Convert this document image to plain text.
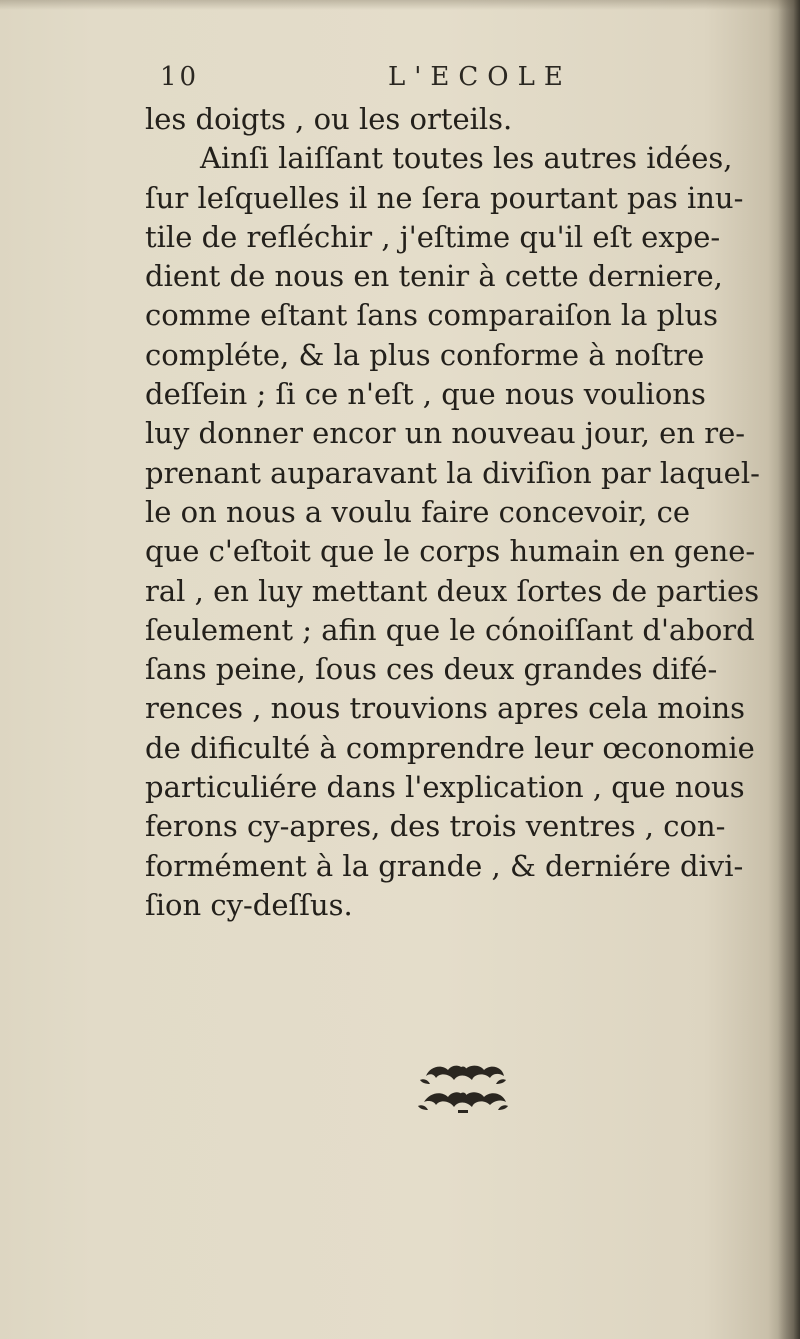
10	L'ECOLE
les doigts , ou les orteils.
Ainſi laiſſant toutes les autres idées,
ſur leſquelles il ne ſera pourtant pas inu-
tile de refléchir , j'eſtime qu'il eſt expe-
dient de nous en tenir à cette derniere,
comme eſtant ſans comparaiſon la plus
compléte, & la plus conforme à noſtre
deſſein ; ſi ce n'eſt , que nous voulions
luy donner encor un nouveau jour, en re-
prenant auparavant la diviſion par laquel-
le on nous a voulu faire concevoir, ce
que c'eſtoit que le corps humain en gene-
ral , en luy mettant deux ſortes de parties
ſeulement ; afin que le cónoiſſant d'abord
ſans peine, ſous ces deux grandes difé-
rences , nous trouvions apres cela moins
de dificulté à comprendre leur œconomie
particuliére dans l'explication , que nous
ferons cy-apres, des trois ventres , con-
formément à la grande , & derniére divi-
ſion cy-deſſus.
